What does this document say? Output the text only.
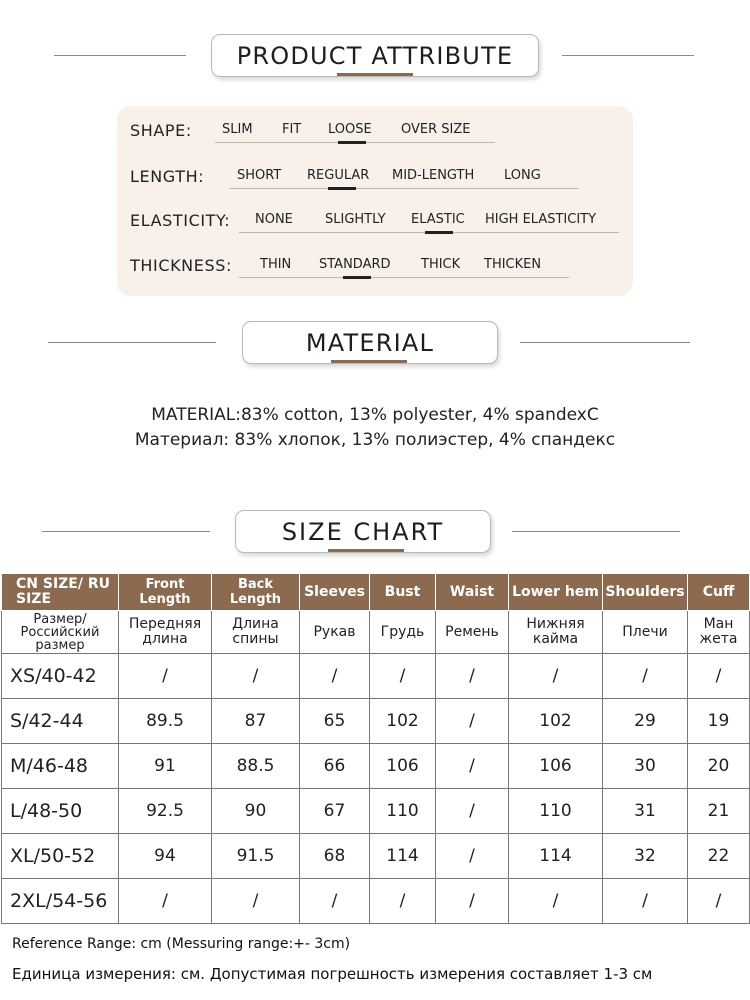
PRODUCT ATTRIBUTE
SHAPE: SLIM FIT LOOSE OVER SIZE
LENGTH:	SHORT REGULAR MID-LENGTH LONG
ELASTICITY: NONE SLIGHTLY ELASTIC HIGH ELASTICITY
THICKNESS: THIN STANDARD THICK THICKEN
MATERIAL
MATERIAL:83% cotton, 13% polyester, 4% spandexC
Материал: 83% хлопок, 13% полиэстер, 4% спандекс
SIZE CHART
CN SIZE/ RU SIZE	Front Length	Back Length	Sleeves	Bust	Waist	Lower hem	Shoulders	Cuff
Размер/ Российский размер	Передняя длина	Длина спины	Рукав	Грудь	Ремень	Нижняя кайма	Плечи	Ман жета
XS/40-42	/	/	/	/	/	/	/	/
S/42-44	89.5	87	65	102	/	102	29	19
M/46-48	91	88.5	66	106	/	106	30	20
L/48-50	92.5	90	67	110	/	110	31	21
XL/50-52	94	91.5	68	114	/	114	32	22
2XL/54-56	/	/	/	/	/	/	/	/
Reference Range: cm (Messuring range:+- 3cm)
Единица измерения: см. Допустимая погрешность измерения составляет 1-3 см
